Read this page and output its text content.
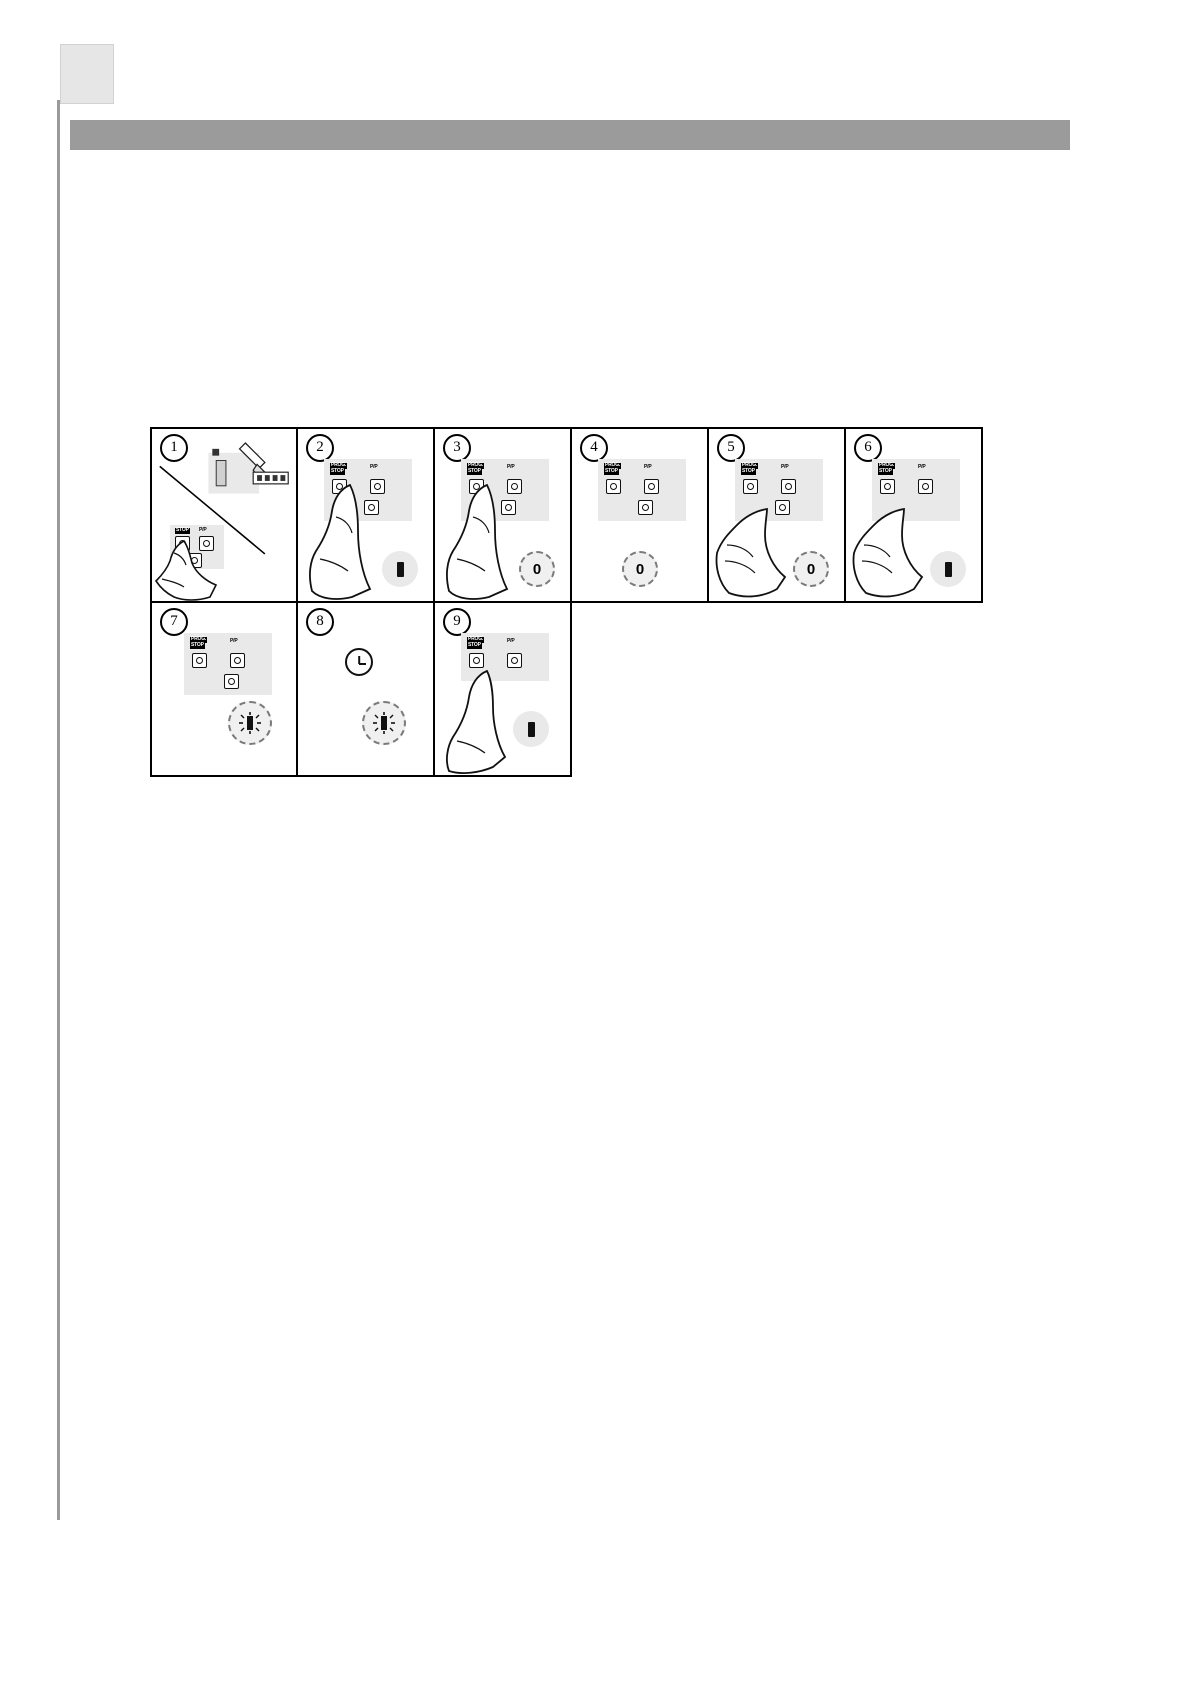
1
STOP P/P
2
PROG.
STOP
P/P
3
PROG.
STOP
P/P
0
4
PROG.
STOP
P/P
0
5
PROG.
STOP
P/P
0
6
PROG.
STOP
P/P
7
PROG.
STOP
P/P
8	9
PROG.
STOP
P/P
